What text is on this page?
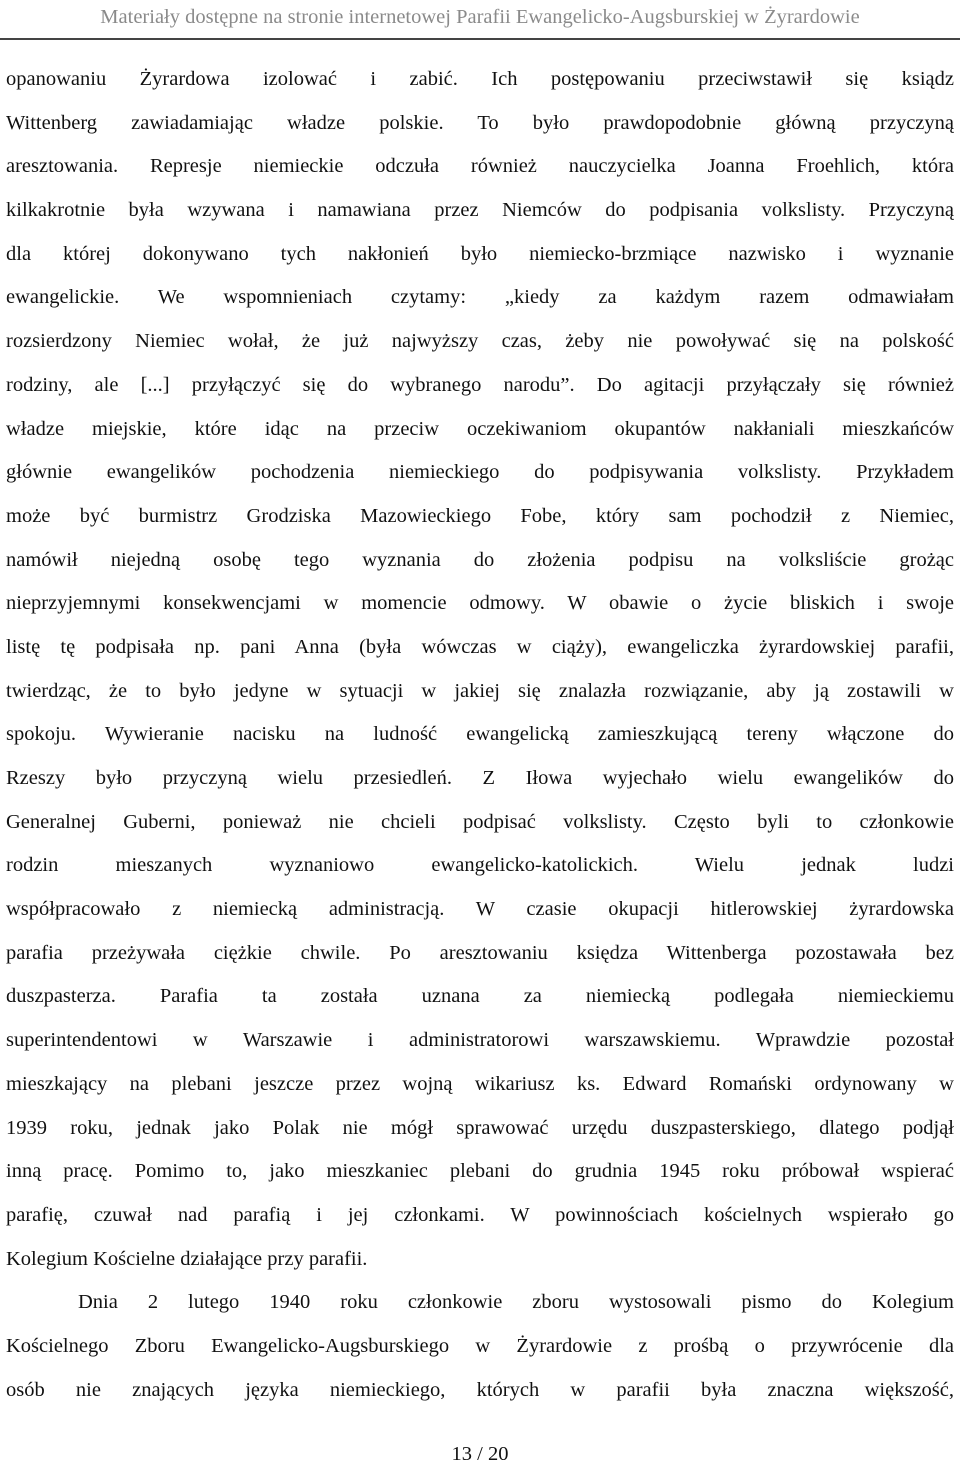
Materiały dostępne na stronie internetowej Parafii Ewangelicko-Augsburskiej w Żyrardowie
opanowaniu Żyrardowa izolować i zabić. Ich postępowaniu przeciwstawił się ksiądz
Wittenberg zawiadamiając władze polskie. To było prawdopodobnie główną przyczyną
aresztowania. Represje niemieckie odczuła również nauczycielka Joanna Froehlich, która
kilkakrotnie była wzywana i namawiana przez Niemców do podpisania volkslisty. Przyczyną
dla której dokonywano tych nakłonień było niemiecko-brzmiące nazwisko i wyznanie
ewangelickie. We wspomnieniach czytamy: „kiedy za każdym razem odmawiałam
rozsierdzony Niemiec wołał, że już najwyższy czas, żeby nie powoływać się na polskość
rodziny, ale [...] przyłączyć się do wybranego narodu”. Do agitacji przyłączały się również
władze miejskie, które idąc na przeciw oczekiwaniom okupantów nakłaniali mieszkańców
głównie ewangelików pochodzenia niemieckiego do podpisywania volkslisty. Przykładem
może być burmistrz Grodziska Mazowieckiego Fobe, który sam pochodził z Niemiec,
namówił niejedną osobę tego wyznania do złożenia podpisu na volksliście grożąc
nieprzyjemnymi konsekwencjami w momencie odmowy. W obawie o życie bliskich i swoje
listę tę podpisała np. pani Anna (była wówczas w ciąży), ewangeliczka żyrardowskiej parafii,
twierdząc, że to było jedyne w sytuacji w jakiej się znalazła rozwiązanie, aby ją zostawili w
spokoju. Wywieranie nacisku na ludność ewangelicką zamieszkującą tereny włączone do
Rzeszy było przyczyną wielu przesiedleń. Z Iłowa wyjechało wielu ewangelików do
Generalnej Guberni, ponieważ nie chcieli podpisać volkslisty. Często byli to członkowie
rodzin mieszanych wyznaniowo ewangelicko-katolickich. Wielu jednak ludzi
współpracowało z niemiecką administracją. W czasie okupacji hitlerowskiej żyrardowska
parafia przeżywała ciężkie chwile. Po aresztowaniu księdza Wittenberga pozostawała bez
duszpasterza. Parafia ta została uznana za niemiecką podlegała niemieckiemu
superintendentowi w Warszawie i administratorowi warszawskiemu. Wprawdzie pozostał
mieszkający na plebani jeszcze przez wojną wikariusz ks. Edward Romański ordynowany w
1939 roku, jednak jako Polak nie mógł sprawować urzędu duszpasterskiego, dlatego podjął
inną pracę. Pomimo to, jako mieszkaniec plebani do grudnia 1945 roku próbował wspierać
parafię, czuwał nad parafią i jej członkami. W powinnościach kościelnych wspierało go
Kolegium Kościelne działające przy parafii.
Dnia 2 lutego 1940 roku członkowie zboru wystosowali pismo do Kolegium
Kościelnego Zboru Ewangelicko-Augsburskiego w Żyrardowie z prośbą o przywrócenie dla
osób nie znających języka niemieckiego, których w parafii była znaczna większość,
13 / 20
